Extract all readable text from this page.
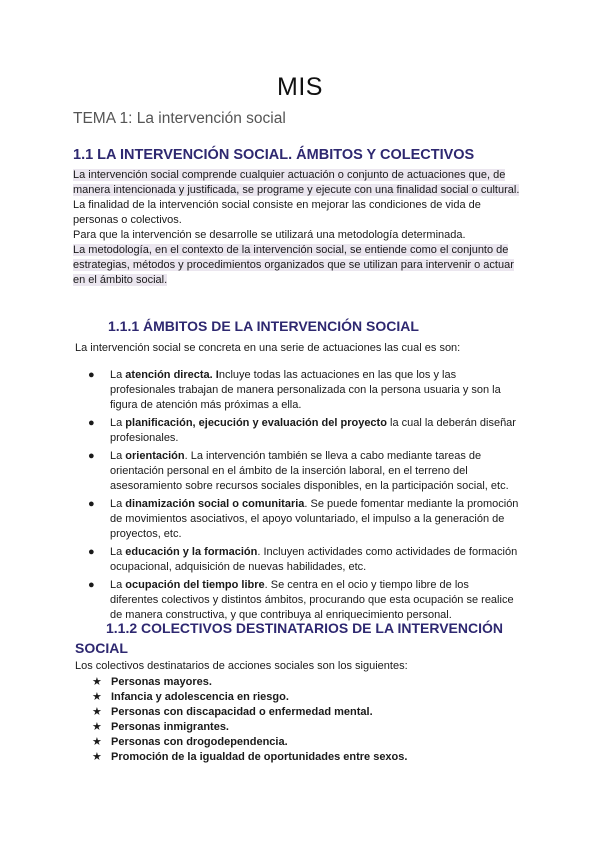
MIS
TEMA 1: La intervención social
1.1 LA INTERVENCIÓN SOCIAL. ÁMBITOS Y COLECTIVOS
La intervención social comprende cualquier actuación o conjunto de actuaciones que, de
manera intencionada y justificada, se programe y ejecute con una finalidad social o cultural.
La finalidad de la intervención social consiste en mejorar las condiciones de vida de
personas o colectivos.
Para que la intervención se desarrolle se utilizará una metodología determinada.
La metodología, en el contexto de la intervención social, se entiende como el conjunto de
estrategias, métodos y procedimientos organizados que se utilizan para intervenir o actuar
en el ámbito social.
1.1.1 ÁMBITOS DE LA INTERVENCIÓN SOCIAL
La intervención social se concreta en una serie de actuaciones las cual es son:
● La atención directa. Incluye todas las actuaciones en las que los y las
profesionales trabajan de manera personalizada con la persona usuaria y son la
figura de atención más próximas a ella.
● La planificación, ejecución y evaluación del proyecto la cual la deberán diseñar
profesionales.
● La orientación. La intervención también se lleva a cabo mediante tareas de
orientación personal en el ámbito de la inserción laboral, en el terreno del
asesoramiento sobre recursos sociales disponibles, en la participación social, etc.
● La dinamización social o comunitaria. Se puede fomentar mediante la promoción
de movimientos asociativos, el apoyo voluntariado, el impulso a la generación de
proyectos, etc.
● La educación y la formación. Incluyen actividades como actividades de formación
ocupacional, adquisición de nuevas habilidades, etc.
● La ocupación del tiempo libre. Se centra en el ocio y tiempo libre de los
diferentes colectivos y distintos ámbitos, procurando que esta ocupación se realice
de manera constructiva, y que contribuya al enriquecimiento personal.
1.1.2 COLECTIVOS DESTINATARIOS DE LA INTERVENCIÓN
SOCIAL
Los colectivos destinatarios de acciones sociales son los siguientes:
★ Personas mayores.
★ Infancia y adolescencia en riesgo.
★ Personas con discapacidad o enfermedad mental.
★ Personas inmigrantes.
★ Personas con drogodependencia.
★ Promoción de la igualdad de oportunidades entre sexos.
